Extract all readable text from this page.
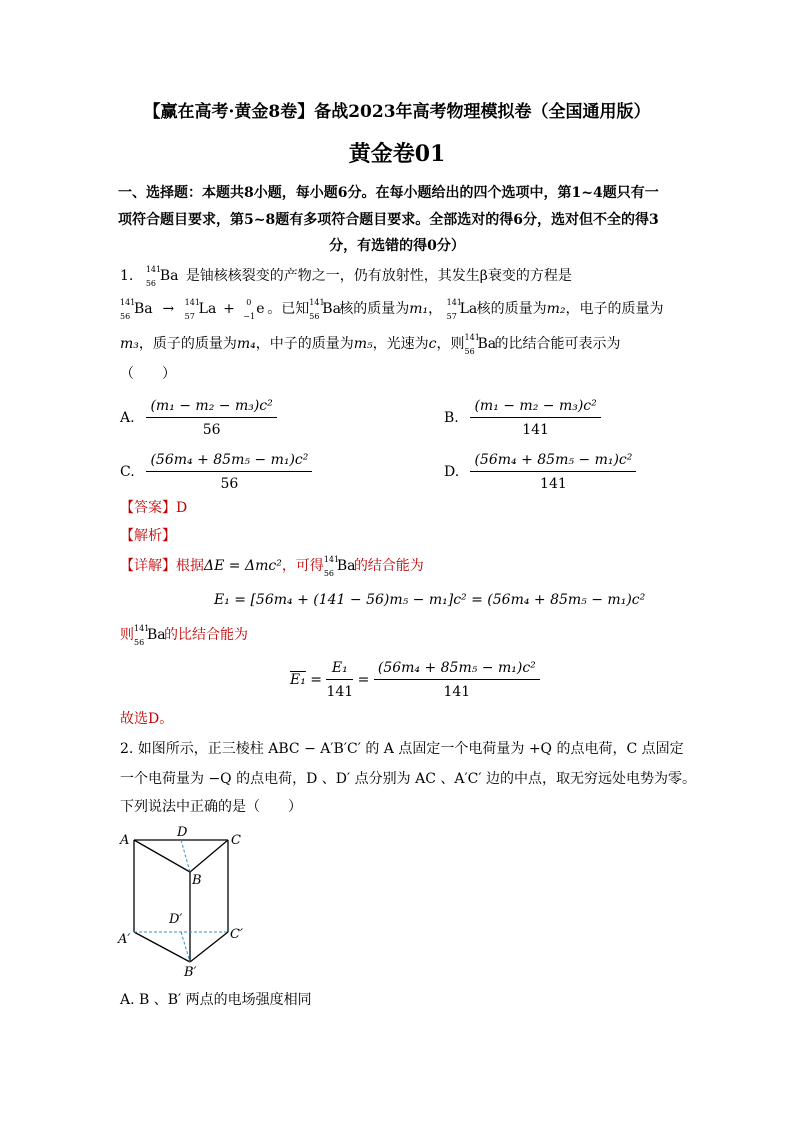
【赢在高考·黄金8卷】备战2023年高考物理模拟卷（全国通用版）
黄金卷01
一、选择题：本题共8小题，每小题6分。在每小题给出的四个选项中，第1~4题只有一
项符合题目要求，第5~8题有多项符合题目要求。全部选对的得6分，选对但不全的得3
分，有选错的得0分）
1. 141
56 Ba 是铀核核裂变的产物之一，仍有放射性，其发生β衰变的方程是
141
56 Ba → 141
57 La + 0
−1 e 。已知 141
56 Ba核的质量为m₁， 141
57 La核的质量为m₂，电子的质量为
m₃，质子的质量为m₄，中子的质量为m₅，光速为c，则 141
56 Ba的比结合能可表示为
（　　）
A. $\frac{\text{(m₁ − m₂ − m₃)c²}}{56}$	B. $\frac{\text{(m₁ − m₂ − m₃)c²}}{141}$
C. $\frac{\text{(56m₄ + 85m₅ − m₁)c²}}{56}$	D. $\frac{\text{(56m₄ + 85m₅ − m₁)c²}}{141}$
【答案】D
【解析】
【详解】根据ΔE = Δmc²，可得 141
56 Ba的结合能为
E₁ = [56m₄ + (141 − 56)m₅ − m₁]c² = (56m₄ + 85m₅ − m₁)c²
则 141
56 Ba的比结合能为
$E_1 = \frac{\text{E₁}}{141} = \frac{\text{(56m₄ + 85m₅ − m₁)c²}}{141}$
故选D。
2. 如图所示，正三棱柱 ABC − A′B′C′ 的 A 点固定一个电荷量为 +Q 的点电荷，C 点固定
一个电荷量为 −Q 的点电荷，D 、D′ 点分别为 AC 、A′C′ 边的中点，取无穷远处电势为零。
下列说法中正确的是（　　）
A
D
C
B
D′
A′	C′
B′
A. B 、B′ 两点的电场强度相同
